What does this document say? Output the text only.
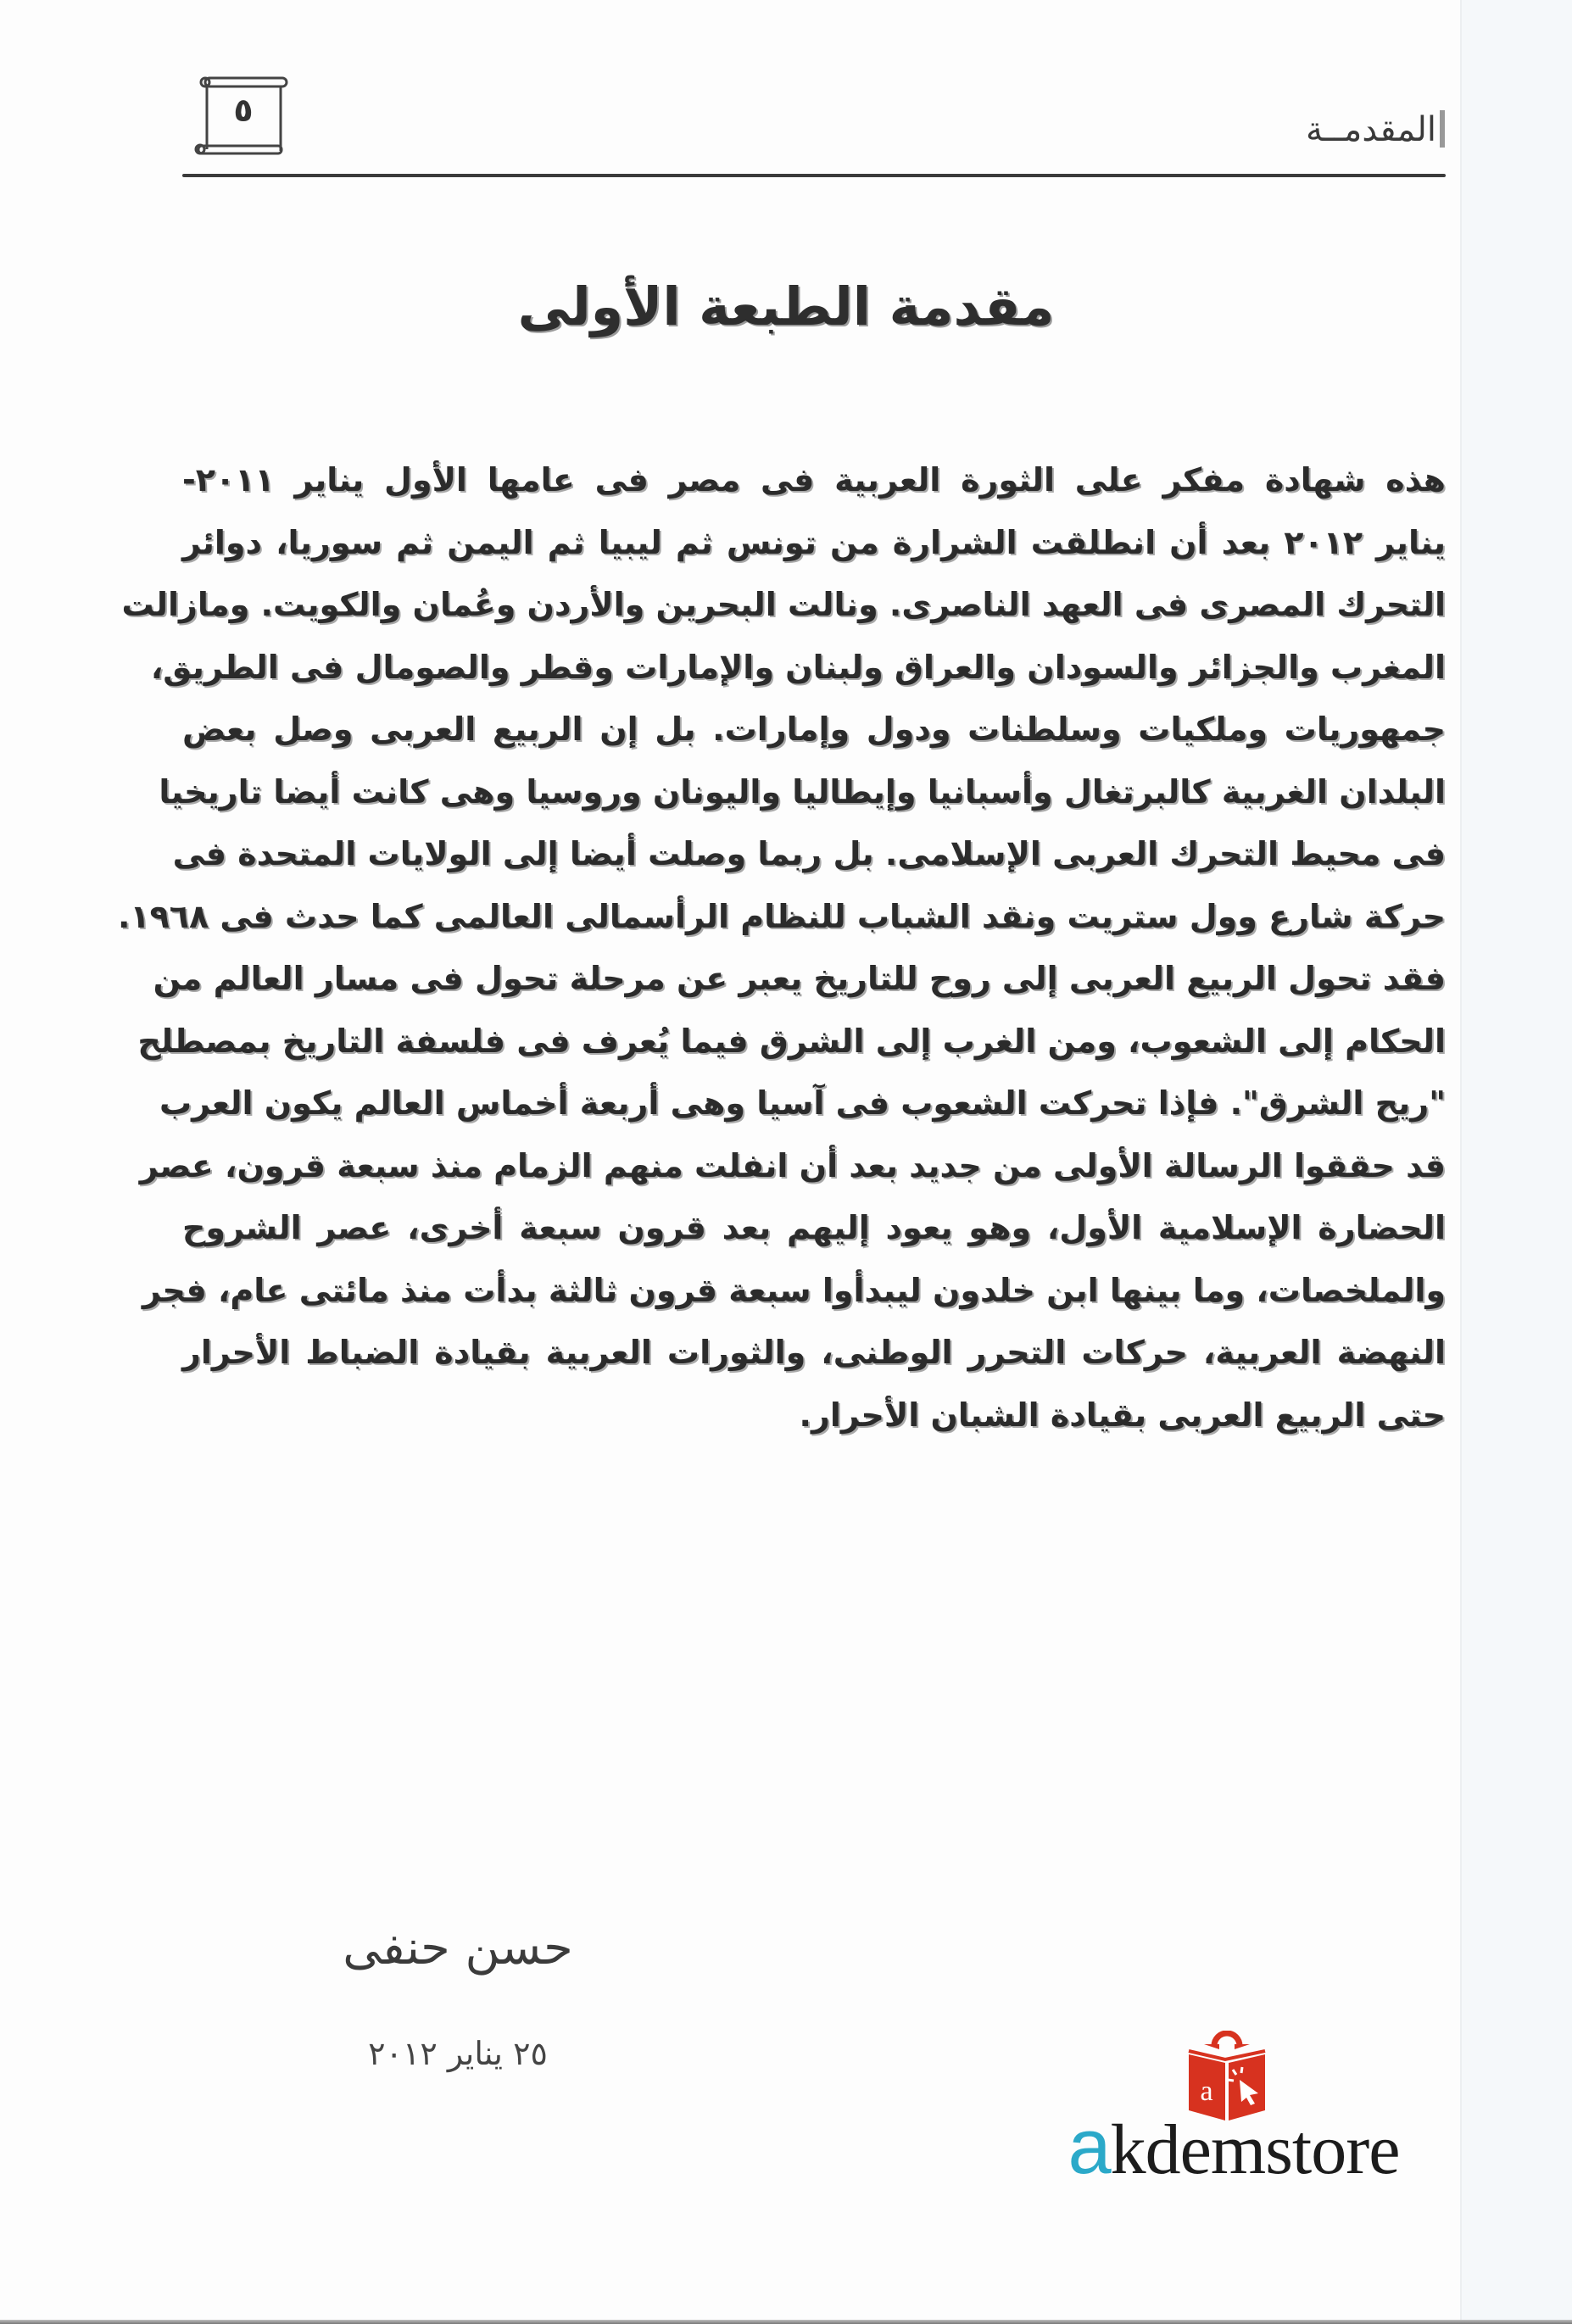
٥	المقدمــة
مقدمة الطبعة الأولى
هذه شهادة مفكر على الثورة العربية فى مصر فى عامها الأول يناير ٢٠١١-
يناير ٢٠١٢ بعد أن انطلقت الشرارة من تونس ثم ليبيا ثم اليمن ثم سوريا، دوائر
التحرك المصرى فى العهد الناصرى. ونالت البحرين والأردن وعُمان والكويت. ومازالت
المغرب والجزائر والسودان والعراق ولبنان والإمارات وقطر والصومال فى الطريق،
جمهوريات وملكيات وسلطنات ودول وإمارات. بل إن الربيع العربى وصل بعض
البلدان الغربية كالبرتغال وأسبانيا وإيطاليا واليونان وروسيا وهى كانت أيضا تاريخيا
فى محيط التحرك العربى الإسلامى. بل ربما وصلت أيضا إلى الولايات المتحدة فى
حركة شارع وول ستريت ونقد الشباب للنظام الرأسمالى العالمى كما حدث فى ١٩٦٨.
فقد تحول الربيع العربى إلى روح للتاريخ يعبر عن مرحلة تحول فى مسار العالم من
الحكام إلى الشعوب، ومن الغرب إلى الشرق فيما يُعرف فى فلسفة التاريخ بمصطلح
"ريح الشرق". فإذا تحركت الشعوب فى آسيا وهى أربعة أخماس العالم يكون العرب
قد حققوا الرسالة الأولى من جديد بعد أن انفلت منهم الزمام منذ سبعة قرون، عصر
الحضارة الإسلامية الأول، وهو يعود إليهم بعد قرون سبعة أخرى، عصر الشروح
والملخصات، وما بينها ابن خلدون ليبدأوا سبعة قرون ثالثة بدأت منذ مائتى عام، فجر
النهضة العربية، حركات التحرر الوطنى، والثورات العربية بقيادة الضباط الأحرار
حتى الربيع العربى بقيادة الشبان الأحرار.
حسن حنفى
٢٥ يناير ٢٠١٢
a
akdemstore
